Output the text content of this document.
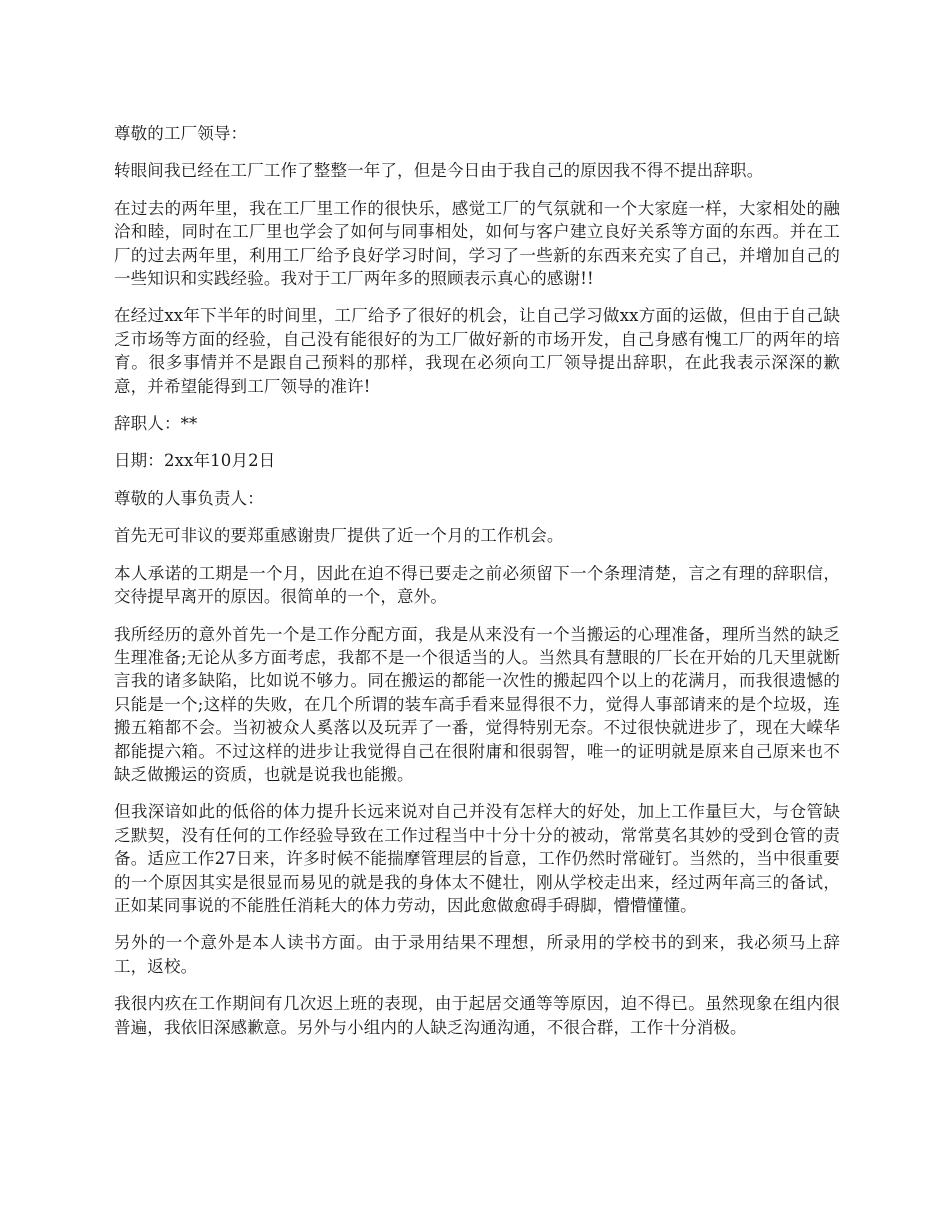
尊敬的工厂领导：

转眼间我已经在工厂工作了整整一年了，但是今日由于我自己的原因我不得不提出辞职。

在过去的两年里，我在工厂里工作的很快乐，感觉工厂的气氛就和一个大家庭一样，大家相处的融洽和睦，同时在工厂里也学会了如何与同事相处，如何与客户建立良好关系等方面的东西。并在工厂的过去两年里，利用工厂给予良好学习时间，学习了一些新的东西来充实了自己，并增加自己的一些知识和实践经验。我对于工厂两年多的照顾表示真心的感谢!!

在经过xx年下半年的时间里，工厂给予了很好的机会，让自己学习做xx方面的运做，但由于自己缺乏市场等方面的经验，自己没有能很好的为工厂做好新的市场开发，自己身感有愧工厂的两年的培育。很多事情并不是跟自己预料的那样，我现在必须向工厂领导提出辞职，在此我表示深深的歉意，并希望能得到工厂领导的准许!

辞职人：**

日期：2xx年10月2日

尊敬的人事负责人：

首先无可非议的要郑重感谢贵厂提供了近一个月的工作机会。

本人承诺的工期是一个月，因此在迫不得已要走之前必须留下一个条理清楚，言之有理的辞职信，交待提早离开的原因。很简单的一个，意外。

我所经历的意外首先一个是工作分配方面，我是从来没有一个当搬运的心理准备，理所当然的缺乏生理准备;无论从多方面考虑，我都不是一个很适当的人。当然具有慧眼的厂长在开始的几天里就断言我的诸多缺陷，比如说不够力。同在搬运的都能一次性的搬起四个以上的花满月，而我很遗憾的只能是一个;这样的失败，在几个所谓的装车高手看来显得很不力，觉得人事部请来的是个垃圾，连搬五箱都不会。当初被众人奚落以及玩弄了一番，觉得特别无奈。不过很快就进步了，现在大嵘华都能提六箱。不过这样的进步让我觉得自己在很附庸和很弱智，唯一的证明就是原来自己原来也不缺乏做搬运的资质，也就是说我也能搬。

但我深谙如此的低俗的体力提升长远来说对自己并没有怎样大的好处，加上工作量巨大，与仓管缺乏默契，没有任何的工作经验导致在工作过程当中十分十分的被动，常常莫名其妙的受到仓管的责备。适应工作27日来，许多时候不能揣摩管理层的旨意，工作仍然时常碰钉。当然的，当中很重要的一个原因其实是很显而易见的就是我的身体太不健壮，刚从学校走出来，经过两年高三的备试，正如某同事说的不能胜任消耗大的体力劳动，因此愈做愈碍手碍脚，懵懵懂懂。

另外的一个意外是本人读书方面。由于录用结果不理想，所录用的学校书的到来，我必须马上辞工，返校。

我很内疚在工作期间有几次迟上班的表现，由于起居交通等等原因，迫不得已。虽然现象在组内很普遍，我依旧深感歉意。另外与小组内的人缺乏沟通沟通，不很合群，工作十分消极。
